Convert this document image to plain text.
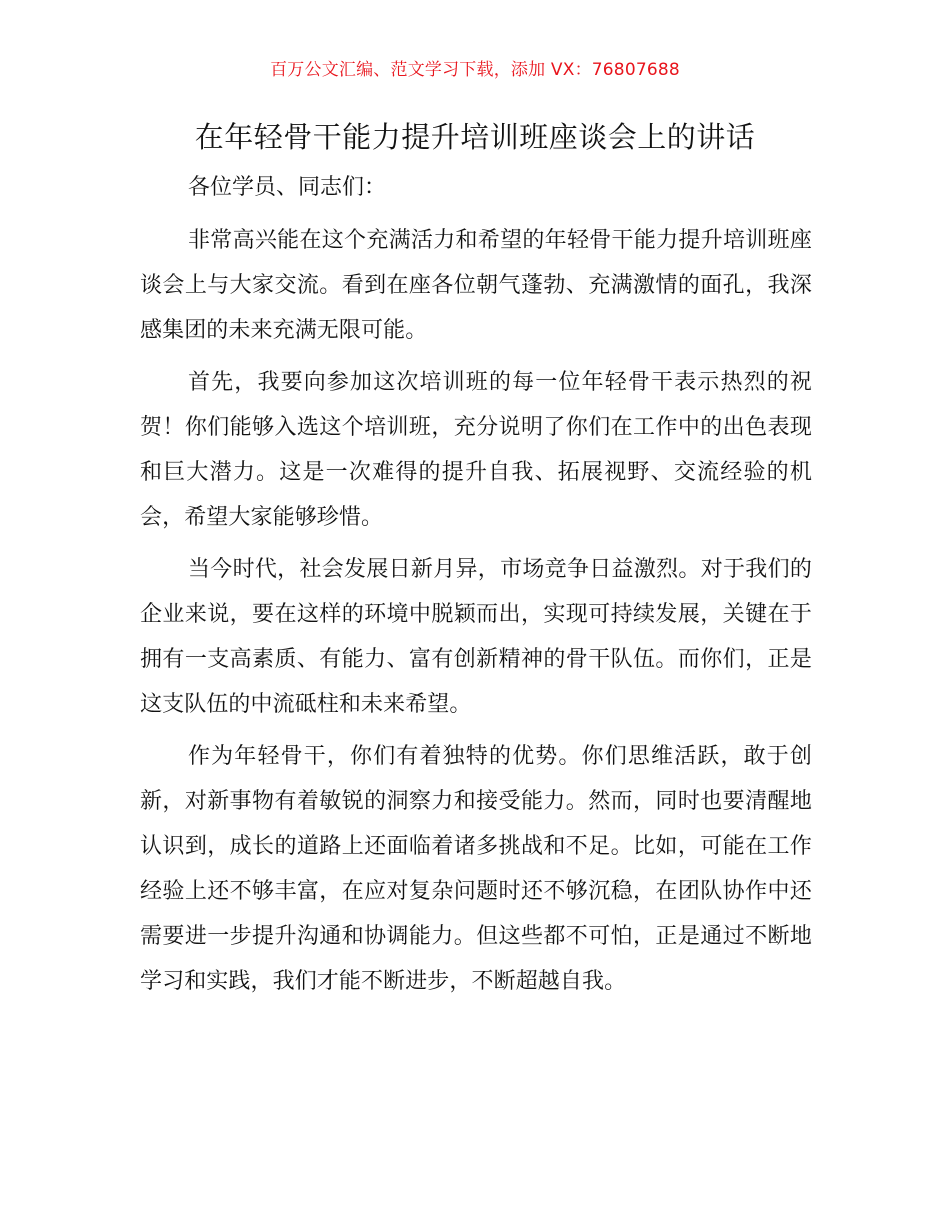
百万公文汇编、范文学习下载，添加 VX：76807688
在年轻骨干能力提升培训班座谈会上的讲话

各位学员、同志们：

非常高兴能在这个充满活力和希望的年轻骨干能力提升培训班座谈会上与大家交流。看到在座各位朝气蓬勃、充满激情的面孔，我深感集团的未来充满无限可能。

首先，我要向参加这次培训班的每一位年轻骨干表示热烈的祝贺！你们能够入选这个培训班，充分说明了你们在工作中的出色表现和巨大潜力。这是一次难得的提升自我、拓展视野、交流经验的机会，希望大家能够珍惜。

当今时代，社会发展日新月异，市场竞争日益激烈。对于我们的企业来说，要在这样的环境中脱颖而出，实现可持续发展，关键在于拥有一支高素质、有能力、富有创新精神的骨干队伍。而你们，正是这支队伍的中流砥柱和未来希望。

作为年轻骨干，你们有着独特的优势。你们思维活跃，敢于创新，对新事物有着敏锐的洞察力和接受能力。然而，同时也要清醒地认识到，成长的道路上还面临着诸多挑战和不足。比如，可能在工作经验上还不够丰富，在应对复杂问题时还不够沉稳，在团队协作中还需要进一步提升沟通和协调能力。但这些都不可怕，正是通过不断地学习和实践，我们才能不断进步，不断超越自我。
